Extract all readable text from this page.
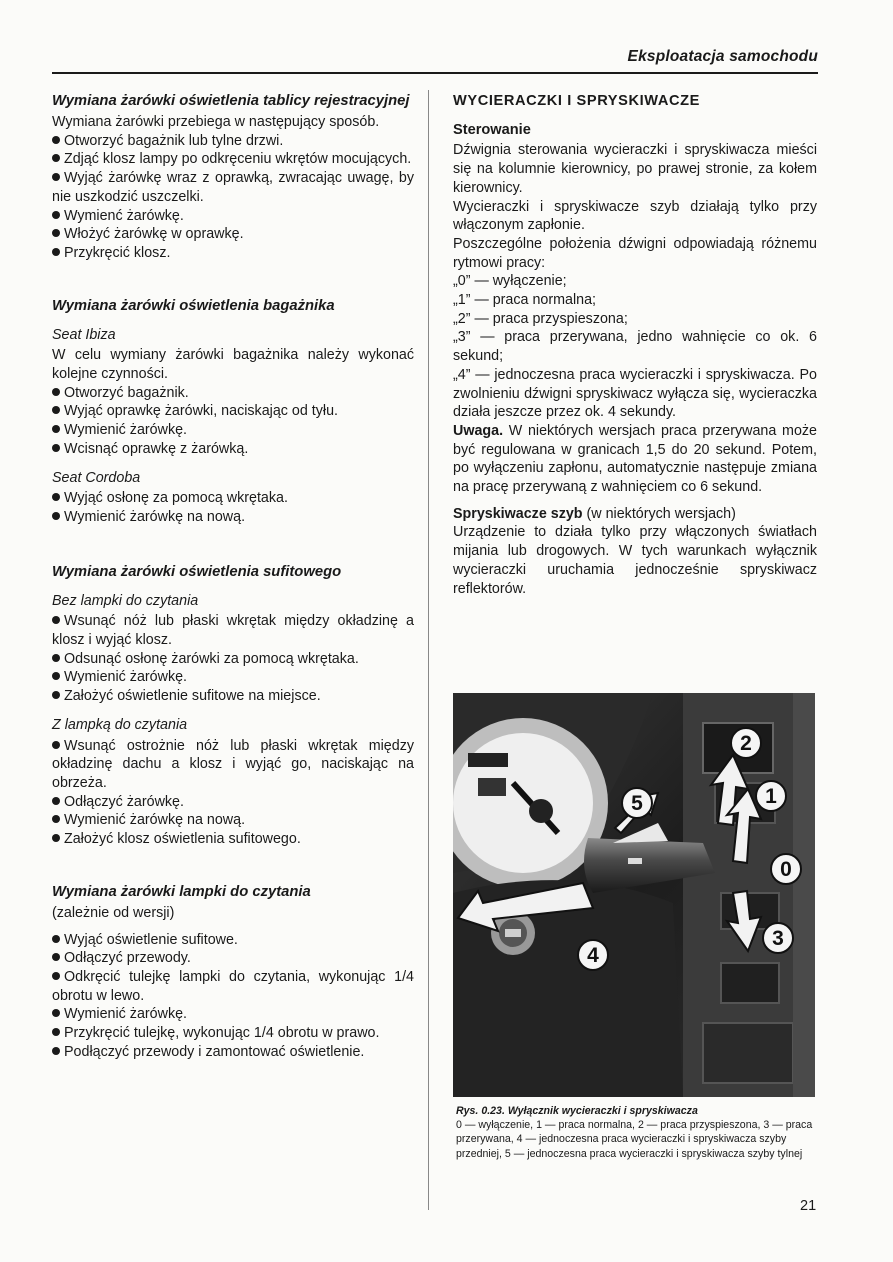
Eksploatacja samochodu
Wymiana żarówki oświetlenia tablicy rejestracyjnej

Wymiana żarówki przebiega w następujący sposób.

Otworzyć bagażnik lub tylne drzwi.
Zdjąć klosz lampy po odkręceniu wkrętów mocujących.
Wyjąć żarówkę wraz z oprawką, zwracając uwagę, by nie uszkodzić uszczelki.
Wymienć żarówkę.
Włożyć żarówkę w oprawkę.
Przykręcić klosz.
Wymiana żarówki oświetlenia bagażnika
Seat Ibiza

W celu wymiany żarówki bagażnika należy wykonać kolejne czynności.

Otworzyć bagażnik.
Wyjąć oprawkę żarówki, naciskając od tyłu.
Wymienić żarówkę.
Wcisnąć oprawkę z żarówką.
Seat Cordoba
Wyjąć osłonę za pomocą wkrętaka.
Wymienić żarówkę na nową.
Wymiana żarówki oświetlenia sufitowego
Bez lampki do czytania
Wsunąć nóż lub płaski wkrętak między okładzinę a klosz i wyjąć klosz.
Odsunąć osłonę żarówki za pomocą wkrętaka.
Wymienić żarówkę.
Założyć oświetlenie sufitowe na miejsce.
Z lampką do czytania
Wsunąć ostrożnie nóż lub płaski wkrętak między okładzinę dachu a klosz i wyjąć go, naciskając na obrzeża.
Odłączyć żarówkę.
Wymienić żarówkę na nową.
Założyć klosz oświetlenia sufitowego.
Wymiana żarówki lampki do czytania

(zależnie od wersji)

Wyjąć oświetlenie sufitowe.
Odłączyć przewody.
Odkręcić tulejkę lampki do czytania, wykonując 1/4 obrotu w lewo.
Wymienić żarówkę.
Przykręcić tulejkę, wykonując 1/4 obrotu w prawo.
Podłączyć przewody i zamontować oświetlenie.
WYCIERACZKI I SPRYSKIWACZE
Sterowanie

Dźwignia sterowania wycieraczki i spryskiwacza mieści się na kolumnie kierownicy, po prawej stronie, za kołem kierownicy.

Wycieraczki i spryskiwacze szyb działają tylko przy włączonym zapłonie.

Poszczególne położenia dźwigni odpowiadają różnemu rytmowi pracy:

„0” — wyłączenie;

„1” — praca normalna;

„2” — praca przyspieszona;

„3” — praca przerywana, jedno wahnięcie co ok. 6 sekund;

„4” — jednoczesna praca wycieraczki i spryskiwacza. Po zwolnieniu dźwigni spryskiwacz wyłącza się, wycieraczka działa jeszcze przez ok. 4 sekundy.

Uwaga. W niektórych wersjach praca przerywana może być regulowana w granicach 1,5 do 20 sekund. Potem, po wyłączeniu zapłonu, automatycznie następuje zmiana na pracę przerywaną z wahnięciem co 6 sekund.

Spryskiwacze szyb (w niektórych wersjach)

Urządzenie to działa tylko przy włączonych światłach mijania lub drogowych. W tych warunkach wyłącznik wycieraczki uruchamia jednocześnie spryskiwacz reflektorów.

2
1
5
0
3
4
Rys. 0.23. Wyłącznik wycieraczki i spryskiwacza
0 — wyłączenie, 1 — praca normalna, 2 — praca przyspieszona, 3 — praca przerywana, 4 — jednoczesna praca wycieraczki i spryskiwacza szyby przedniej, 5 — jednoczesna praca wycieraczki i spryskiwacza szyby tylnej
21
